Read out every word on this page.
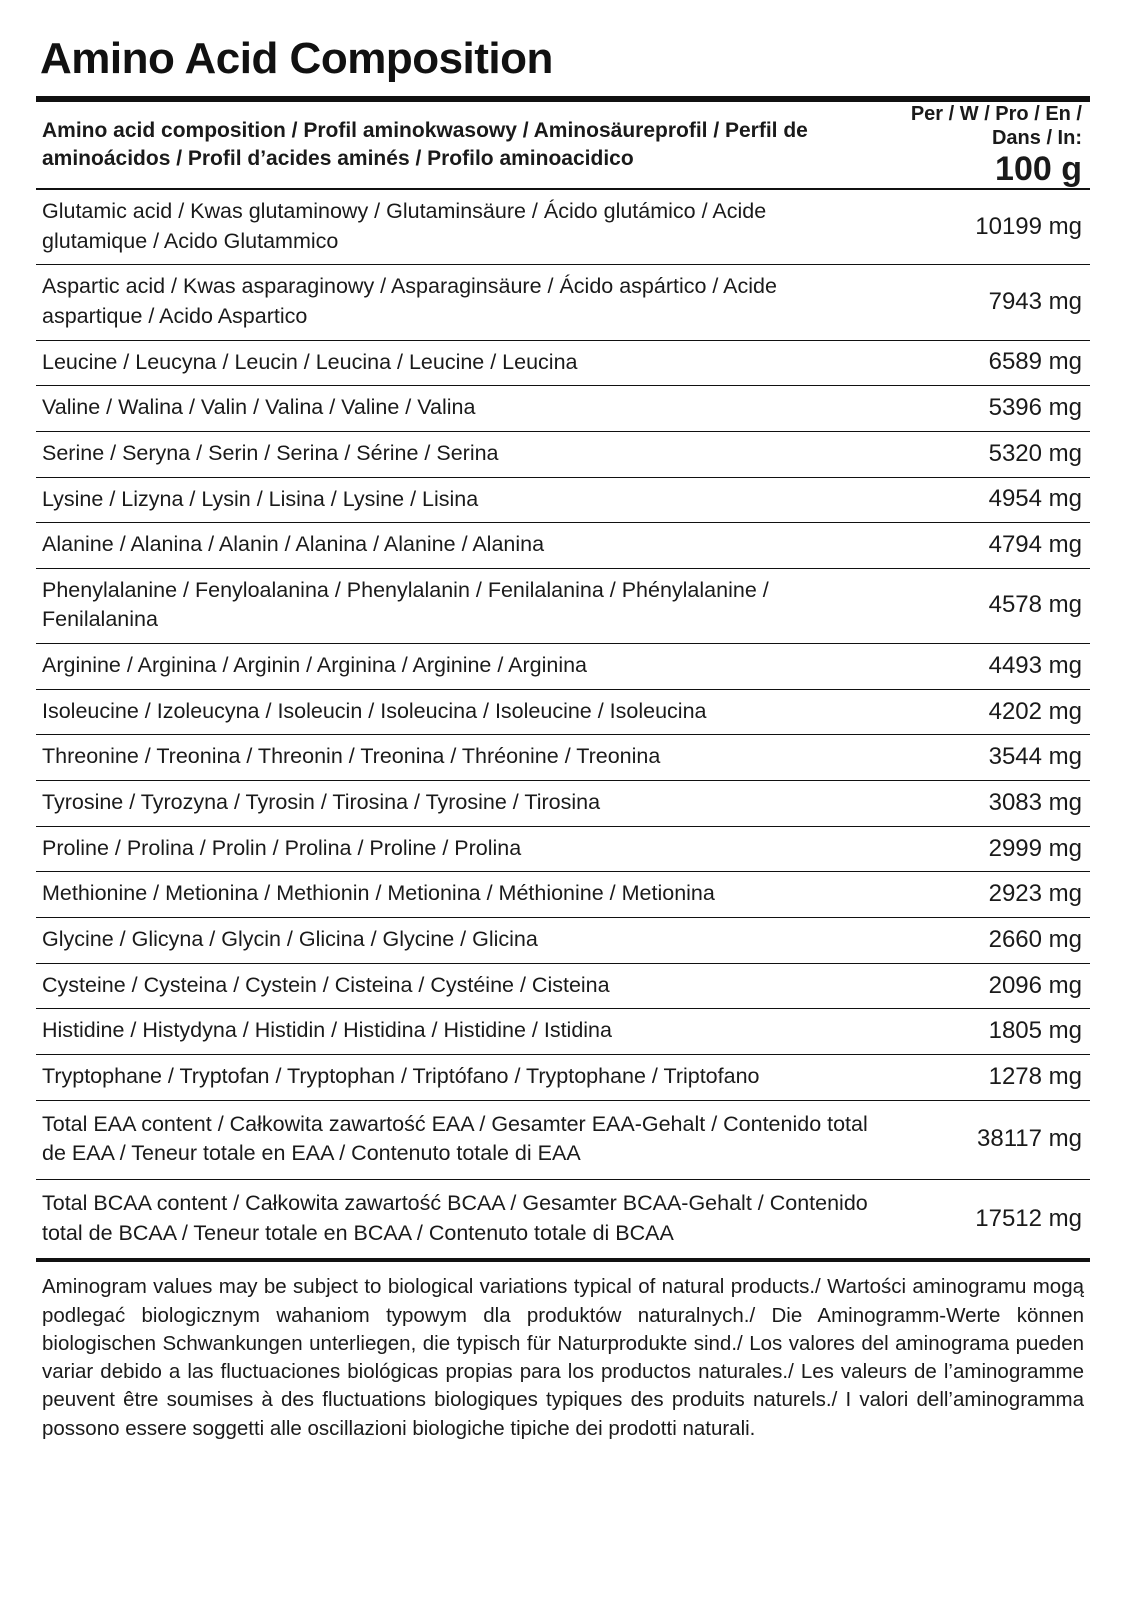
Amino Acid Composition
Amino acid composition / Profil aminokwasowy / Aminosäureprofil / Perfil de aminoácidos / Profil d’acides aminés / Profilo aminoacidico	Per / W / Pro / En / Dans / In:
100 g

Glutamic acid / Kwas glutaminowy / Glutaminsäure / Ácido glutámico / Acide glutamique / Acido Glutammico	10199 mg
Aspartic acid / Kwas asparaginowy / Asparaginsäure / Ácido aspártico / Acide aspartique / Acido Aspartico	7943 mg
Leucine / Leucyna / Leucin / Leucina / Leucine / Leucina	6589 mg
Valine / Walina / Valin / Valina / Valine / Valina	5396 mg
Serine / Seryna / Serin / Serina / Sérine / Serina	5320 mg
Lysine / Lizyna / Lysin / Lisina / Lysine / Lisina	4954 mg
Alanine / Alanina / Alanin / Alanina / Alanine / Alanina	4794 mg
Phenylalanine / Fenyloalanina / Phenylalanin / Fenilalanina / Phénylalanine / Fenilalanina	4578 mg
Arginine / Arginina / Arginin / Arginina / Arginine / Arginina	4493 mg
Isoleucine / Izoleucyna / Isoleucin / Isoleucina / Isoleucine / Isoleucina	4202 mg
Threonine / Treonina / Threonin / Treonina / Thréonine / Treonina	3544 mg
Tyrosine / Tyrozyna / Tyrosin / Tirosina / Tyrosine / Tirosina	3083 mg
Proline / Prolina / Prolin / Prolina / Proline / Prolina	2999 mg
Methionine / Metionina / Methionin / Metionina / Méthionine / Metionina	2923 mg
Glycine / Glicyna / Glycin / Glicina / Glycine / Glicina	2660 mg
Cysteine / Cysteina / Cystein / Cisteina / Cystéine / Cisteina	2096 mg
Histidine / Histydyna / Histidin / Histidina / Histidine / Istidina	1805 mg
Tryptophane / Tryptofan / Tryptophan / Triptófano / Tryptophane / Triptofano	1278 mg
Total EAA content / Całkowita zawartość EAA / Gesamter EAA-Gehalt / Contenido total de EAA / Teneur totale en EAA / Contenuto totale di EAA	38117 mg
Total BCAA content / Całkowita zawartość BCAA / Gesamter BCAA-Gehalt / Contenido total de BCAA / Teneur totale en BCAA / Contenuto totale di BCAA	17512 mg
Aminogram values may be subject to biological variations typical of natural products./ Wartości aminogramu mogą podlegać biologicznym wahaniom typowym dla produktów naturalnych./ Die Aminogramm-Werte können biologischen Schwankungen unterliegen, die typisch für Naturprodukte sind./ Los valores del aminograma pueden variar debido a las fluctuaciones biológicas propias para los productos naturales./ Les valeurs de l’aminogramme peuvent être soumises à des fluctuations biologiques typiques des produits naturels./ I valori dell’aminogramma possono essere soggetti alle oscillazioni biologiche tipiche dei prodotti naturali.
